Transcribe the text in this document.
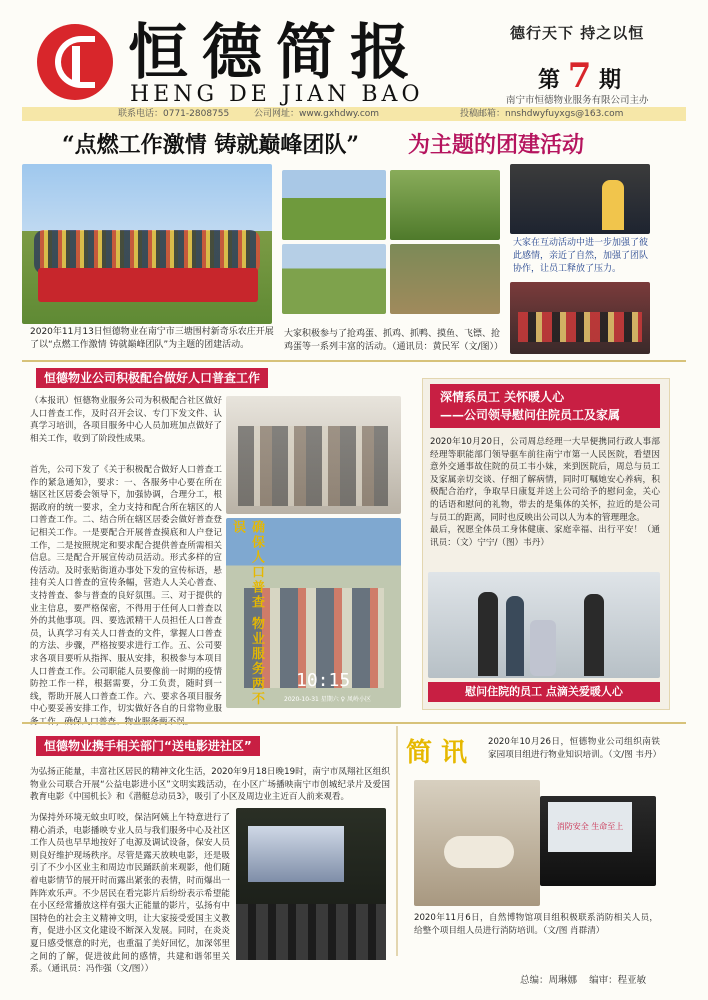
恒德简报
HENG DE JIAN BAO
德行天下 持之以恒
第 7 期
南宁市恒德物业服务有限公司主办
联系电话：0771-2808755	公司网址：www.gxhdwy.com	投稿邮箱：nnshdwyfuyxgs@163.com
“点燃工作激情 铸就巅峰团队” 为主题的团建活动
2020年11月13日恒德物业在南宁市三塘围村新奇乐农庄开展了以“点燃工作激情 铸就巅峰团队”为主题的团建活动。
大家积极参与了抢鸡蛋、抓鸡、抓鸭、摸鱼、飞镖、抢鸡蛋等一系列丰富的活动。（通讯员：黄民军（文/图））
大家在互动活动中进一步加强了彼此感情，亲近了自然，加强了团队协作，让员工释放了压力。
恒德物业公司积极配合做好人口普查工作
（本报讯）恒德物业服务公司为积极配合社区做好人口普查工作，及时召开会议、专门下发文件、认真学习培训，各项目服务中心人员加班加点做好了相关工作，收到了阶段性成果。
首先，公司下发了《关于积极配合做好人口普查工作的紧急通知》，要求：一、各服务中心要在所在辖区社区居委会领导下，加强协调，合理分工，根据政府的统一要求，全力支持和配合所在辖区的人口普查工作。二、结合所在辖区居委会做好普查登记相关工作。一是要配合开展普查摸底和人户登记工作，二是按照规定和要求配合提供普查所需相关信息。三是配合开展宣传动员活动。形式多样的宣传活动。及时张贴街道办事处下发的宣传标语，悬挂有关人口普查的宣传条幅，营造人人关心普查、支持普查、参与普查的良好氛围。三、对于提供的业主信息，要严格保密，不得用于任何人口普查以外的其他事项。四、要选派精干人员担任人口普查员，认真学习有关人口普查的文件，掌握人口普查的方法、步骤，严格按要求进行工作。五、公司要求各项目要听从指挥、服从安排，积极参与本项目人口普查工作。公司职能人员要像前一时期的疫情防控工作一样，根据需要，分工负责，随时到一线，帮助开展人口普查工作。六、要求各项目服务中心要妥善安排工作，切实做好各自的日常物业服
10:15
2020-10-31 星期六 ♀ 凤岭小区
确保人口普查 物业服务两不误
深情系员工 关怀暖人心
——公司领导慰问住院员工及家属
2020年10月20日，公司周总经理一大早便携同行政人事部经理等职能部门领导驱车前往南宁市第一人民医院，看望因意外交通事故住院的员工韦小妹，来到医院后，周总与员工及家属亲切交谈、仔细了解病情，同时叮嘱她安心养病，积极配合治疗，争取早日康复并送上公司给予的慰问金，关心的话语和慰问的礼物，带去的是集体的关怀，拉近的是公司与员工的距离，同时也反映出公司以人为本的管理理念。
最后，祝愿全体员工身体健康、家庭幸福、出行平安！（通讯员：（文）宁宁/（图）韦丹）
慰问住院的员工 点滴关爱暖人心
恒德物业携手相关部门“送电影进社区”
为弘扬正能量，丰富社区居民的精神文化生活，2020年9月18日晚19时，南宁市凤翔社区组织物业公司联合开展“公益电影进小区”文明实践活动，在小区广场播映南宁市创城纪录片及爱国教育电影《中国机长》和《潜艇总动员3》，吸引了小区及周边业主近百人前来观看。
为保持外环境无蚊虫叮咬，保洁阿姨上午特意进行了精心消杀，电影播映专业人员与我们服务中心及社区工作人员也早早地按好了电源及调试设备，保安人员则良好维护现场秩序。尽管是露天放映电影，还是吸引了不少小区业主和周边市民踊跃前来观影，他们随着电影情节的展开时而露出紧张的表情，时而爆出一阵阵欢乐声。不少居民在看完影片后纷纷表示希望能在小区经常播放这样有强大正能量的影片，弘扬有中国特色的社会主义精神文明，让大家接受爱国主义教育，促进小区文化建设不断深入发展。同时，在炎炎夏日感受惬意的时光，也重温了美好回忆，加深邻里之间的了解，促进彼此间的感情，共建和谐邻里关系。（通讯员：冯作强（文/图））
简 讯 2020年10月26日，恒德物业公司组织南铁家园项目组进行物业知识培训。（文/图 韦丹）
消防安全 生命至上
2020年11月6日，自然博物馆项目组积极联系消防相关人员，给整个项目组人员进行消防培训。（文/图 肖群清）
总编：周琳娜 编审：程亚敏
